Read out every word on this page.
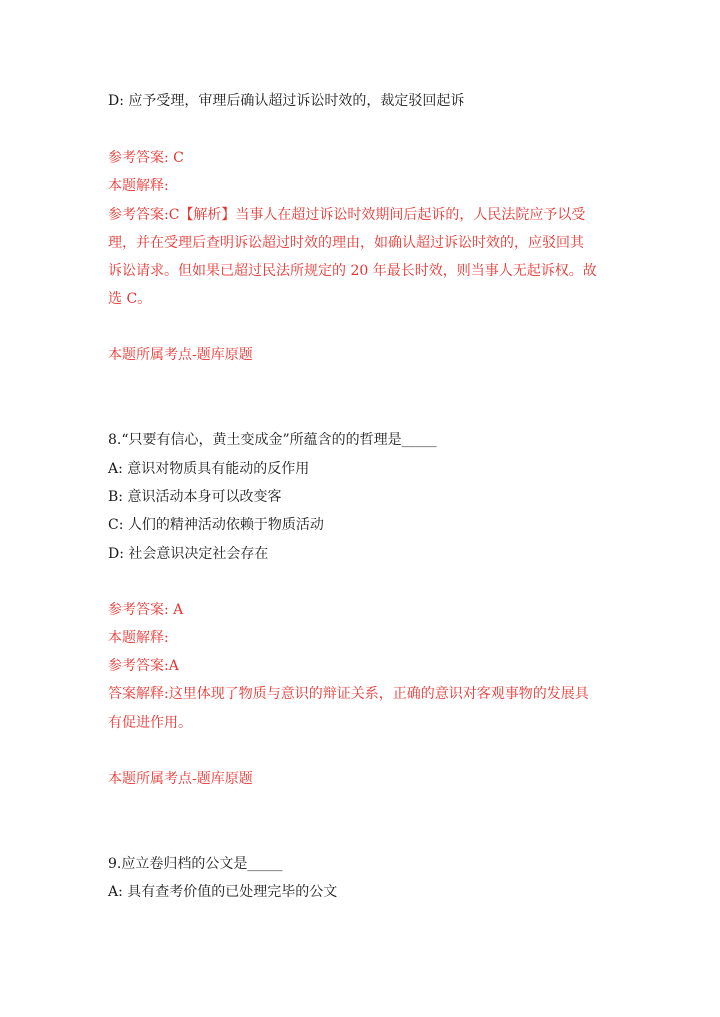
D: 应予受理，审理后确认超过诉讼时效的，裁定驳回起诉
参考答案: C
本题解释:
参考答案:C【解析】当事人在超过诉讼时效期间后起诉的，人民法院应予以受
理，并在受理后查明诉讼超过时效的理由，如确认超过诉讼时效的，应驳回其
诉讼请求。但如果已超过民法所规定的 20 年最长时效，则当事人无起诉权。故
选 C。
本题所属考点-题库原题
8.“只要有信心，黄土变成金”所蕴含的的哲理是_____
A: 意识对物质具有能动的反作用
B: 意识活动本身可以改变客
C: 人们的精神活动依赖于物质活动
D: 社会意识决定社会存在
参考答案: A
本题解释:
参考答案:A
答案解释:这里体现了物质与意识的辩证关系，正确的意识对客观事物的发展具
有促进作用。
本题所属考点-题库原题
9.应立卷归档的公文是_____
A: 具有查考价值的已处理完毕的公文
